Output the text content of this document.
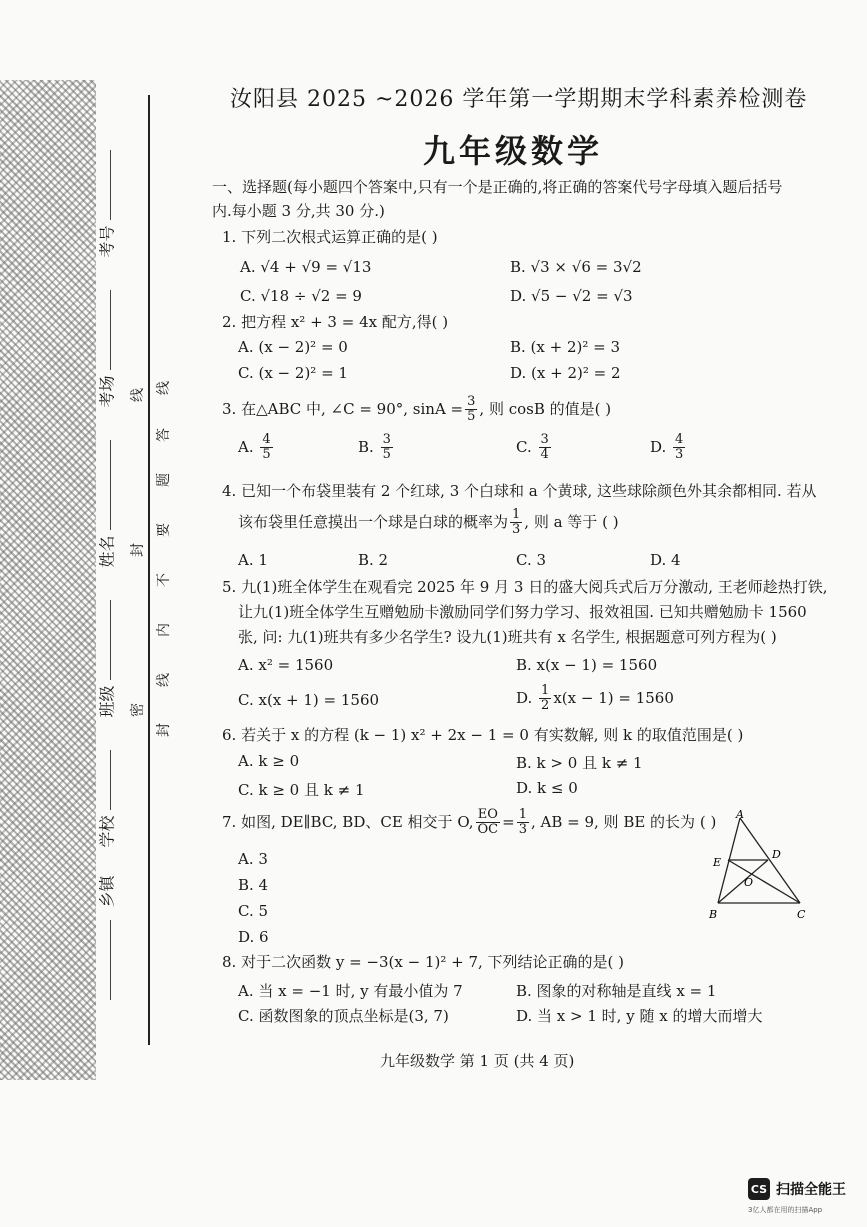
考号
考场
姓名
班级
学校
乡镇
线
答
题
要
不
内
线
封
封
线
密
汝阳县 2025 ~2026 学年第一学期期末学科素养检测卷
九年级数学
一、选择题(每小题四个答案中,只有一个是正确的,将正确的答案代号字母填入题后括号
内.每小题 3 分,共 30 分.)
1. 下列二次根式运算正确的是( )
A. √4 + √9 = √13	B. √3 × √6 = 3√2
C. √18 ÷ √2 = 9	D. √5 − √2 = √3
2. 把方程 x² + 3 = 4x 配方,得( )
A. (x − 2)² = 0	B. (x + 2)² = 3
C. (x − 2)² = 1	D. (x + 2)² = 2
3. 在△ABC 中, ∠C = 90°, $\sin A = \frac{3}{5}$ , 则 cosB 的值是( )
A. $\frac{4}{5}$	B. $\frac{3}{5}$	C. $\frac{3}{4}$	D. $\frac{4}{3}$
4. 已知一个布袋里装有 2 个红球, 3 个白球和 a 个黄球, 这些球除颜色外其余都相同. 若从
该布袋里任意摸出一个球是白球的概率为 $\frac{1}{3}$ , 则 a 等于 ( )
A. 1	B. 2	C. 3	D. 4
5. 九(1)班全体学生在观看完 2025 年 9 月 3 日的盛大阅兵式后万分激动, 王老师趁热打铁,
让九(1)班全体学生互赠勉励卡激励同学们努力学习、报效祖国. 已知共赠勉励卡 1560
张, 问: 九(1)班共有多少名学生? 设九(1)班共有 x 名学生, 根据题意可列方程为( )
A. x² = 1560	B. x(x − 1) = 1560
C. x(x + 1) = 1560	D. $\frac{1}{2} x(x - 1) = 1560$
6. 若关于 x 的方程 (k − 1) x² + 2x − 1 = 0 有实数解, 则 k 的取值范围是( )
A. k ≥ 0	B. k > 0 且 k ≠ 1
C. k ≥ 0 且 k ≠ 1	D. k ≤ 0
7. 如图, DE∥BC, BD、CE 相交于 O, $\frac{EO}{OC} = \frac{1}{3}$ , AB = 9, 则 BE 的长为 ( )
A. 3
B. 4
C. 5
D. 6
A
E
D
O
B	C
8. 对于二次函数 y = −3(x − 1)² + 7, 下列结论正确的是( )
A. 当 x = −1 时, y 有最小值为 7	B. 图象的对称轴是直线 x = 1
C. 函数图象的顶点坐标是(3, 7)	D. 当 x > 1 时, y 随 x 的增大而增大
九年级数学 第 1 页 (共 4 页)
CS 扫描全能王
3亿人都在用的扫描App
